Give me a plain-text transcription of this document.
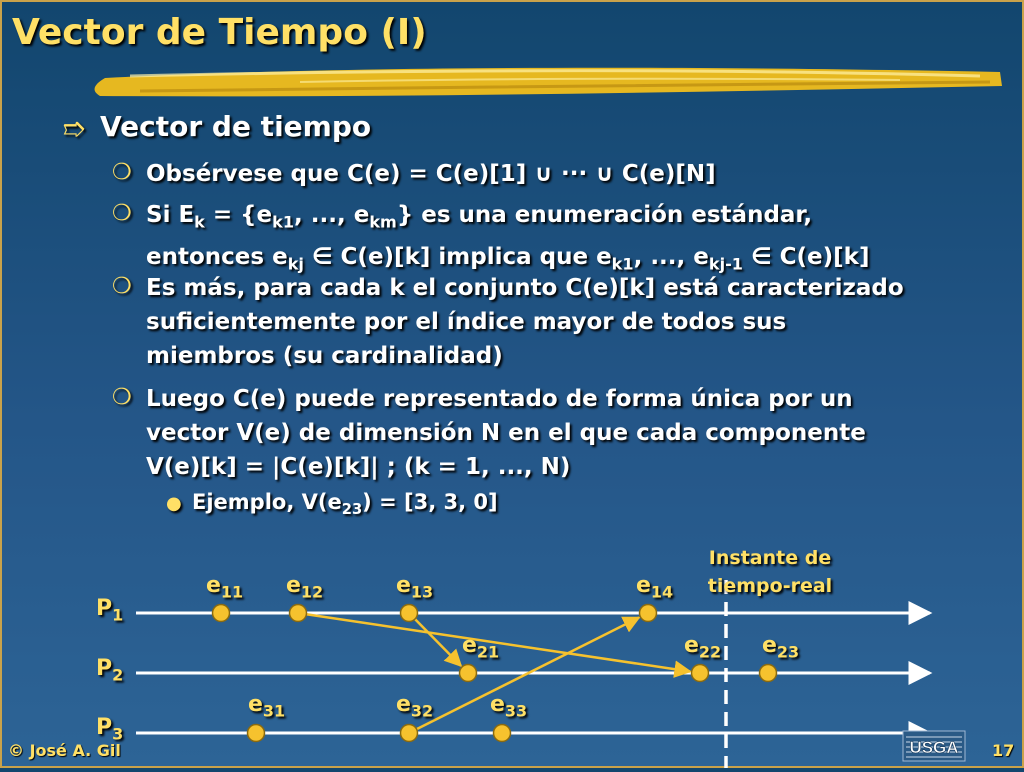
Vector de Tiempo (I)
➱ Vector de tiempo
❍ Obsérvese que C(e) = C(e)[1] ∪ ··· ∪ C(e)[N]
❍ Si $E_k = \{e_{k1}$, ..., $e_{km}$} es una enumeración estándar,
entonces $e_{kj}$ ∈ C(e)[k] implica que $e_{k1}$, ..., $e_{kj-1}$ ∈ C(e)[k]
❍ Es más, para cada k el conjunto C(e)[k] está caracterizado
suficientemente por el índice mayor de todos sus
miembros (su cardinalidad)
❍ Luego C(e) puede representado de forma única por un
vector V(e) de dimensión N en el que cada componente
V(e)[k] = |C(e)[k]| ; (k = 1, ..., N)
● Ejemplo, $V(e_{23}) = [3$, 3, 0]
$P_1$
$P_2$
$P_3$
$e_{11}$ $e_{12}$	$e_{13}$	$e_{14}$
$e_{21}$	$e_{22}$ $e_{23}$
$e_{31}$	$e_{32}$	$e_{33}$
Instante de
tiempo-real
© José A. Gil	USGA 17
